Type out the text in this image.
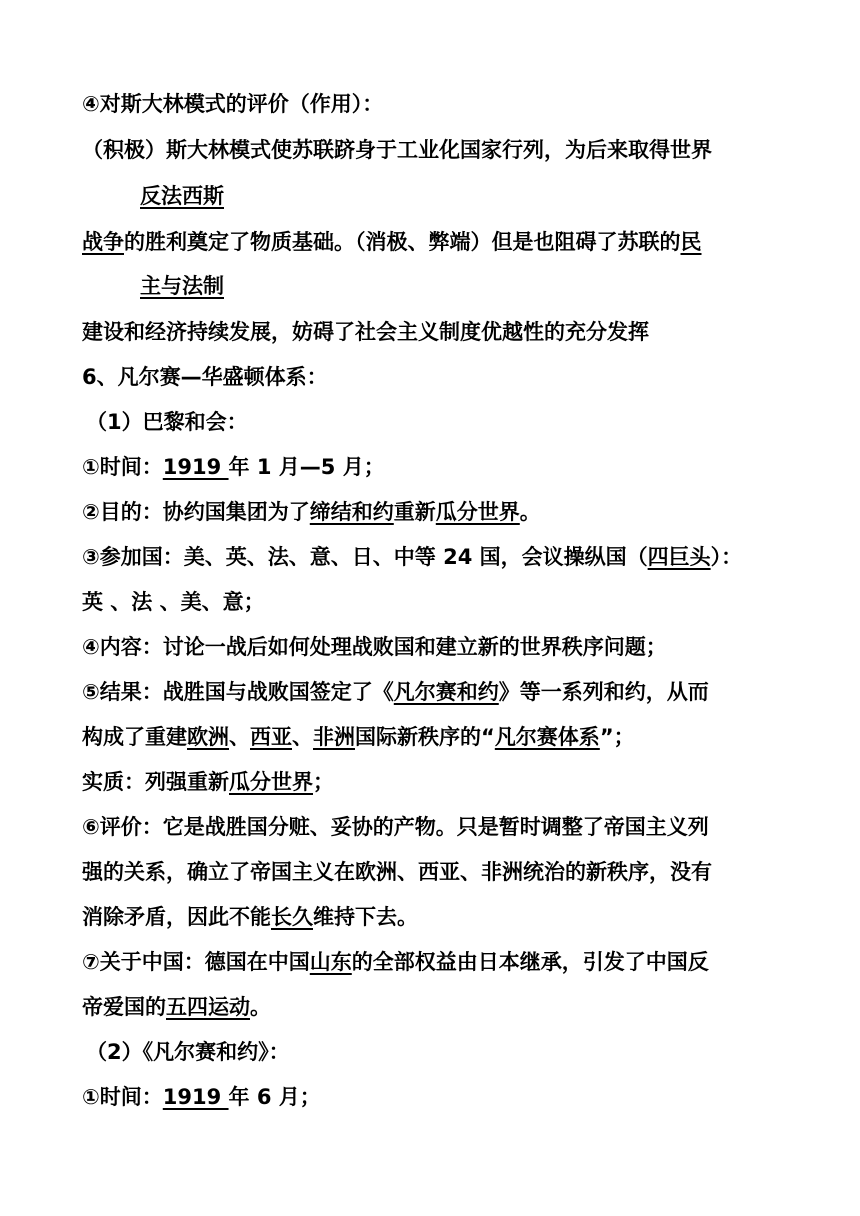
④对斯大林模式的评价（作用）：
（积极）斯大林模式使苏联跻身于工业化国家行列，为后来取得世界
反法西斯
战争的胜利奠定了物质基础。（消极、弊端）但是也阻碍了苏联的民
主与法制
建设和经济持续发展，妨碍了社会主义制度优越性的充分发挥
6、凡尔赛—华盛顿体系：
（1）巴黎和会：
①时间：1919 年 1 月—5 月；
②目的：协约国集团为了缔结和约重新瓜分世界。
③参加国：美、英、法、意、日、中等 24 国，会议操纵国（四巨头）：
英 、法 、美、意；
④内容：讨论一战后如何处理战败国和建立新的世界秩序问题；
⑤结果：战胜国与战败国签定了《凡尔赛和约》等一系列和约，从而
构成了重建欧洲、西亚、非洲国际新秩序的“凡尔赛体系”；
实质：列强重新瓜分世界；
⑥评价：它是战胜国分赃、妥协的产物。只是暂时调整了帝国主义列
强的关系，确立了帝国主义在欧洲、西亚、非洲统治的新秩序，没有
消除矛盾，因此不能长久维持下去。
⑦关于中国：德国在中国山东的全部权益由日本继承，引发了中国反
帝爱国的五四运动。
（2）《凡尔赛和约》：
①时间：1919 年 6 月；
